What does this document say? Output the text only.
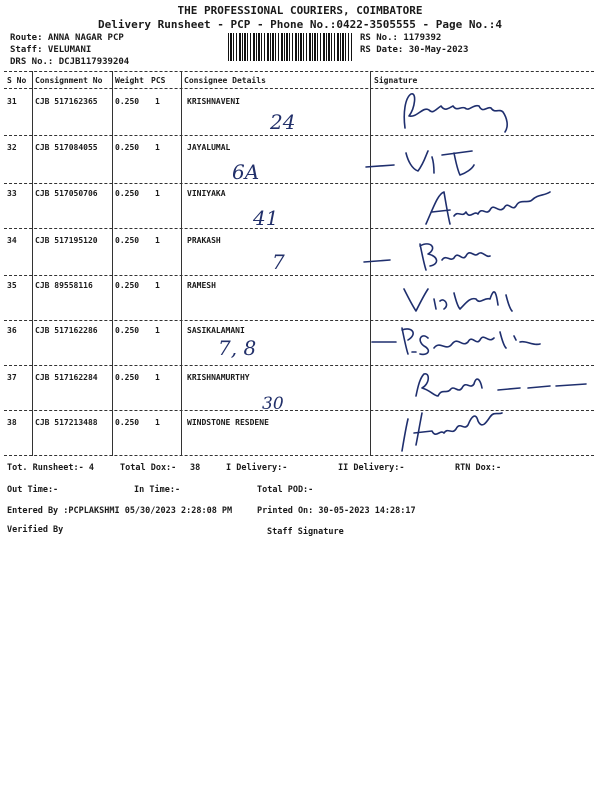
THE PROFESSIONAL COURIERS, COIMBATORE
Delivery Runsheet - PCP - Phone No.:0422-3505555 - Page No.:4
Route: ANNA NAGAR PCP
Staff: VELUMANI
DRS No.: DCJB117939204
RS No.: 1179392
RS Date: 30-May-2023
S No Consignment No Weight PCS Consignee Details	Signature
31 CJB 517162365 0.250 1	KRISHNAVENI
24
32 CJB 517084055 0.250 1	JAYALUMAL
6A
33 CJB 517050706 0.250 1	VINIYAKA
41
34 CJB 517195120 0.250 1	PRAKASH
7
35 CJB 89558116	0.250 1	RAMESH
36 CJB 517162286 0.250 1	SASIKALAMANI
7, 8
37 CJB 517162284 0.250 1	KRISHNAMURTHY
30
38 CJB 517213488 0.250 1	WINDSTONE RESDENE
Tot. Runsheet:- 4	Total Dox:- 38	I Delivery:-	II Delivery:-	RTN Dox:-
Out Time:-	In Time:-	Total POD:-
Entered By :PCPLAKSHMI 05/30/2023 2:28:08 PM	Printed On: 30-05-2023 14:28:17
Verified By	Staff Signature
